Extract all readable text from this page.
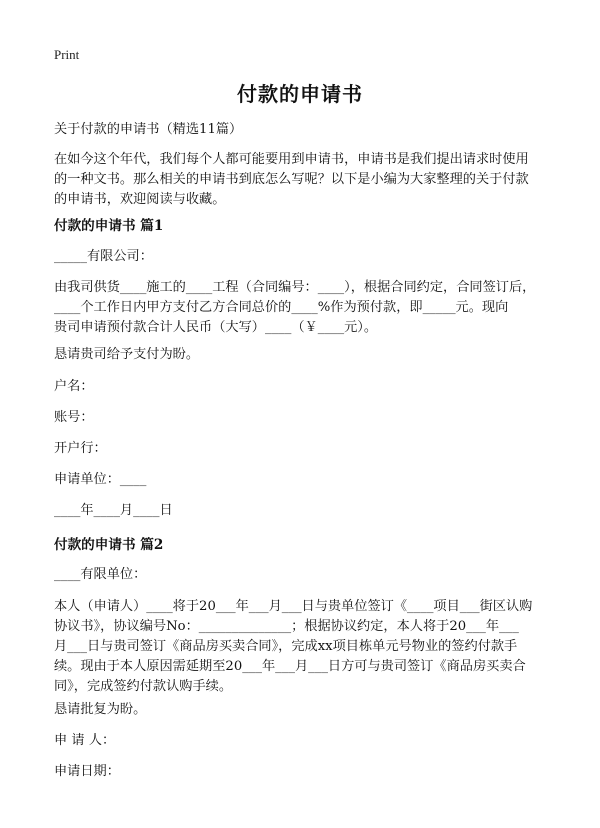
Print
付款的申请书

关于付款的申请书（精选11篇）

在如今这个年代，我们每个人都可能要用到申请书，申请书是我们提出请求时使用
的一种文书。那么相关的申请书到底怎么写呢？以下是小编为大家整理的关于付款
的申请书，欢迎阅读与收藏。

付款的申请书 篇1

_____有限公司：

由我司供货____施工的____工程（合同编号：____），根据合同约定，合同签订后，
____个工作日内甲方支付乙方合同总价的____%作为预付款，即_____元。现向
贵司申请预付款合计人民币（大写）____（￥____元）。

恳请贵司给予支付为盼。

户名：

账号：

开户行：

申请单位：____

____年____月____日

付款的申请书 篇2

____有限单位：

本人（申请人）____将于20___年___月___日与贵单位签订《____项目___街区认购
协议书》，协议编号No：______________；根据协议约定，本人将于20___年___
月___日与贵司签订《商品房买卖合同》，完成xx项目栋单元号物业的签约付款手
续。现由于本人原因需延期至20___年___月___日方可与贵司签订《商品房买卖合
同》，完成签约付款认购手续。

恳请批复为盼。

申 请 人：

申请日期：
